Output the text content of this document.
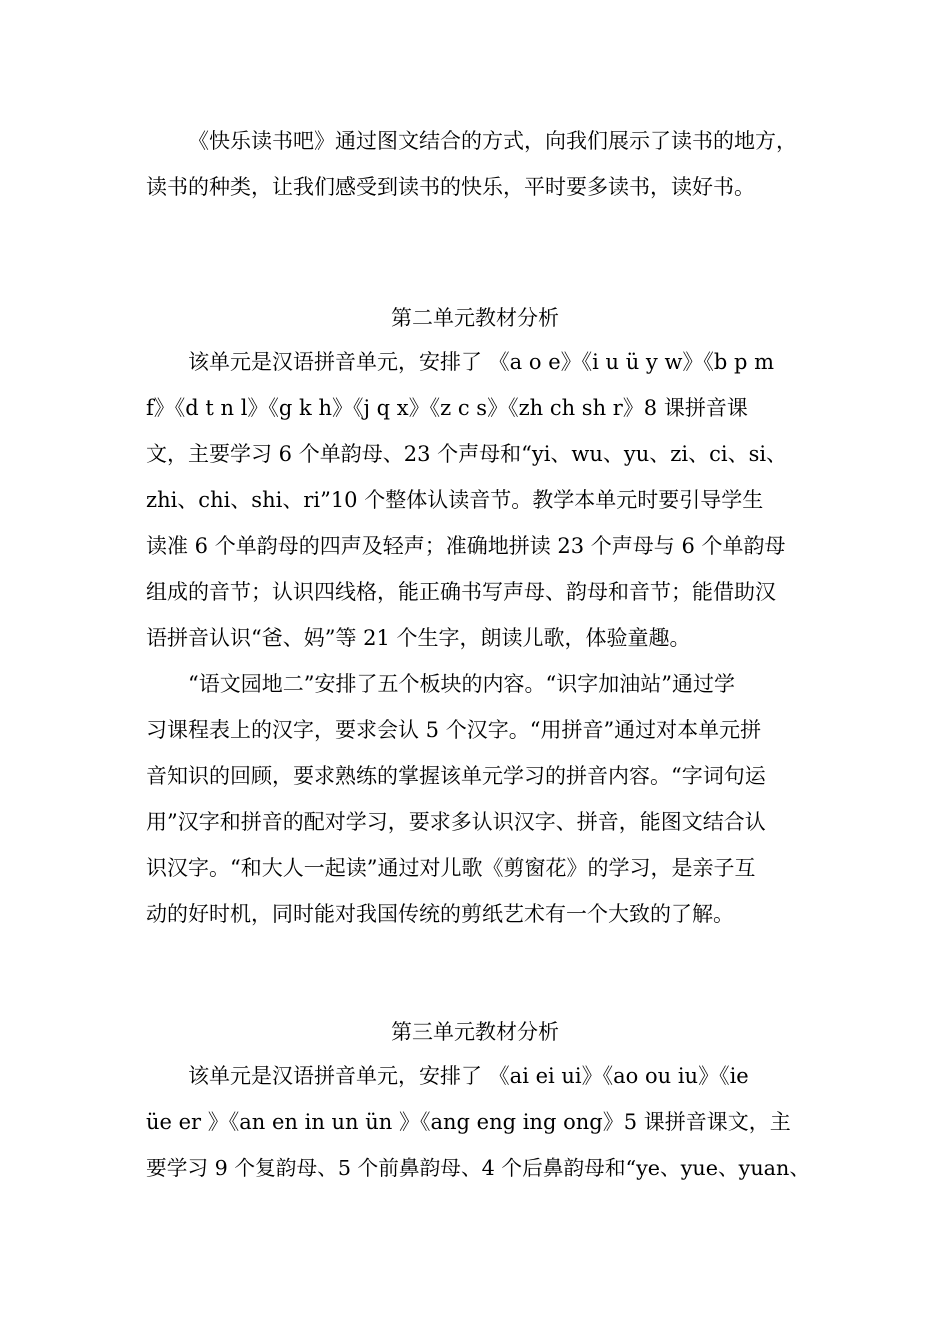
《快乐读书吧》通过图文结合的方式，向我们展示了读书的地方，
读书的种类，让我们感受到读书的快乐，平时要多读书，读好书。
第二单元教材分析
该单元是汉语拼音单元，安排了 《a o e》《i u ü y w》《b p m
f》《d t n l》《g k h》《j q x》《z c s》《zh ch sh r》8 课拼音课
文，主要学习 6 个单韵母、23 个声母和“yi、wu、yu、zi、ci、si、
zhi、chi、shi、ri”10 个整体认读音节。教学本单元时要引导学生
读准 6 个单韵母的四声及轻声；准确地拼读 23 个声母与 6 个单韵母
组成的音节；认识四线格，能正确书写声母、韵母和音节；能借助汉
语拼音认识“爸、妈”等 21 个生字，朗读儿歌，体验童趣。
“语文园地二”安排了五个板块的内容。“识字加油站”通过学
习课程表上的汉字，要求会认 5 个汉字。“用拼音”通过对本单元拼
音知识的回顾，要求熟练的掌握该单元学习的拼音内容。“字词句运
用”汉字和拼音的配对学习，要求多认识汉字、拼音，能图文结合认
识汉字。“和大人一起读”通过对儿歌《剪窗花》的学习，是亲子互
动的好时机，同时能对我国传统的剪纸艺术有一个大致的了解。
第三单元教材分析
该单元是汉语拼音单元，安排了 《ai ei ui》《ao ou iu》《ie
üe er 》《an en in un ün 》《ang eng ing ong》5 课拼音课文，主
要学习 9 个复韵母、5 个前鼻韵母、4 个后鼻韵母和“ye、yue、yuan、
